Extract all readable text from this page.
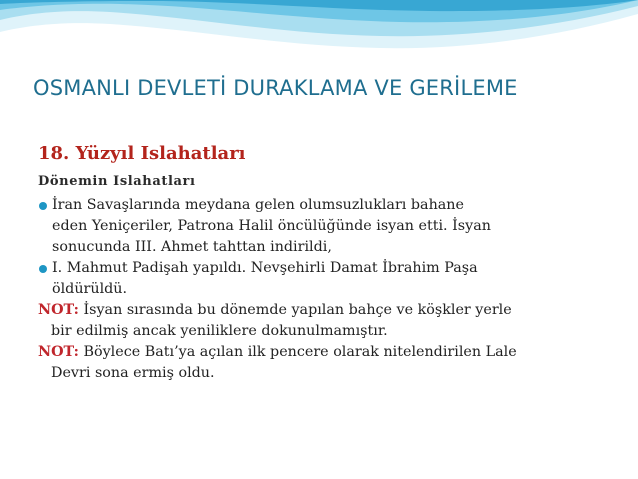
OSMANLI DEVLETİ DURAKLAMA VE GERİLEME
18. Yüzyıl Islahatları
Dönemin Islahatları
İran Savaşlarında meydana gelen olumsuzlukları bahane
eden Yeniçeriler, Patrona Halil öncülüğünde isyan etti. İsyan
sonucunda III. Ahmet tahttan indirildi,
I. Mahmut Padişah yapıldı. Nevşehirli Damat İbrahim Paşa
öldürüldü.
NOT: İsyan sırasında bu dönemde yapılan bahçe ve köşkler yerle
bir edilmiş ancak yeniliklere dokunulmamıştır.
NOT: Böylece Batı’ya açılan ilk pencere olarak nitelendirilen Lale
Devri sona ermiş oldu.
